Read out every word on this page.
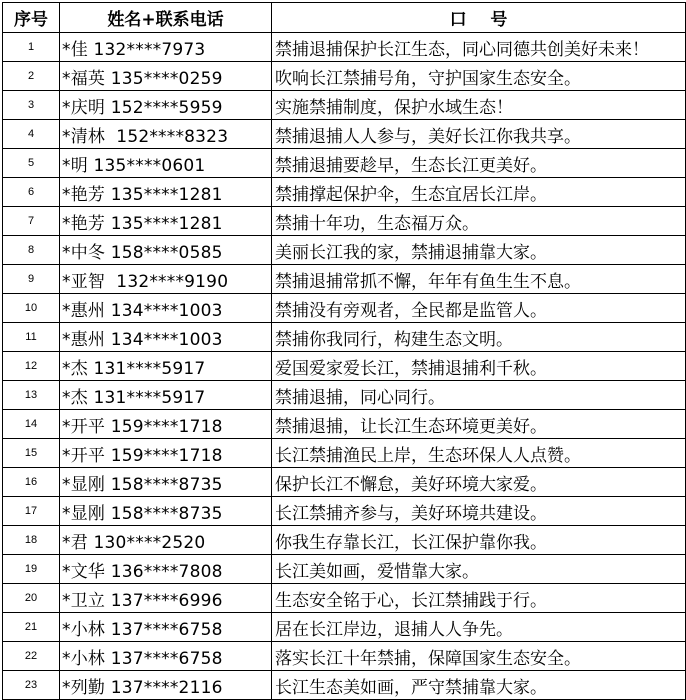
序号	姓名+联系电话	口    号
1	*佳 132****7973	禁捕退捕保护长江生态，同心同德共创美好未来！
2	*福英 135****0259	吹响长江禁捕号角，守护国家生态安全。
3	*庆明 152****5959	实施禁捕制度，保护水域生态！
4	*清林  152****8323	禁捕退捕人人参与，美好长江你我共享。
5	*明 135****0601	禁捕退捕要趁早，生态长江更美好。
6	*艳芳 135****1281	禁捕撑起保护伞，生态宜居长江岸。
7	*艳芳 135****1281	禁捕十年功，生态福万众。
8	*中冬 158****0585	美丽长江我的家，禁捕退捕靠大家。
9	*亚智  132****9190	禁捕退捕常抓不懈，年年有鱼生生不息。
10	*惠州 134****1003	禁捕没有旁观者，全民都是监管人。
11	*惠州 134****1003	禁捕你我同行，构建生态文明。
12	*杰 131****5917	爱国爱家爱长江，禁捕退捕利千秋。
13	*杰 131****5917	禁捕退捕，同心同行。
14	*开平 159****1718	禁捕退捕，让长江生态环境更美好。
15	*开平 159****1718	长江禁捕渔民上岸，生态环保人人点赞。
16	*显刚 158****8735	保护长江不懈怠，美好环境大家爱。
17	*显刚 158****8735	长江禁捕齐参与，美好环境共建设。
18	*君 130****2520	你我生存靠长江，长江保护靠你我。
19	*文华 136****7808	长江美如画，爱惜靠大家。
20	*卫立 137****6996	生态安全铭于心，长江禁捕践于行。
21	*小林 137****6758	居在长江岸边，退捕人人争先。
22	*小林 137****6758	落实长江十年禁捕，保障国家生态安全。
23	*列勤 137****2116	长江生态美如画，严守禁捕靠大家。
